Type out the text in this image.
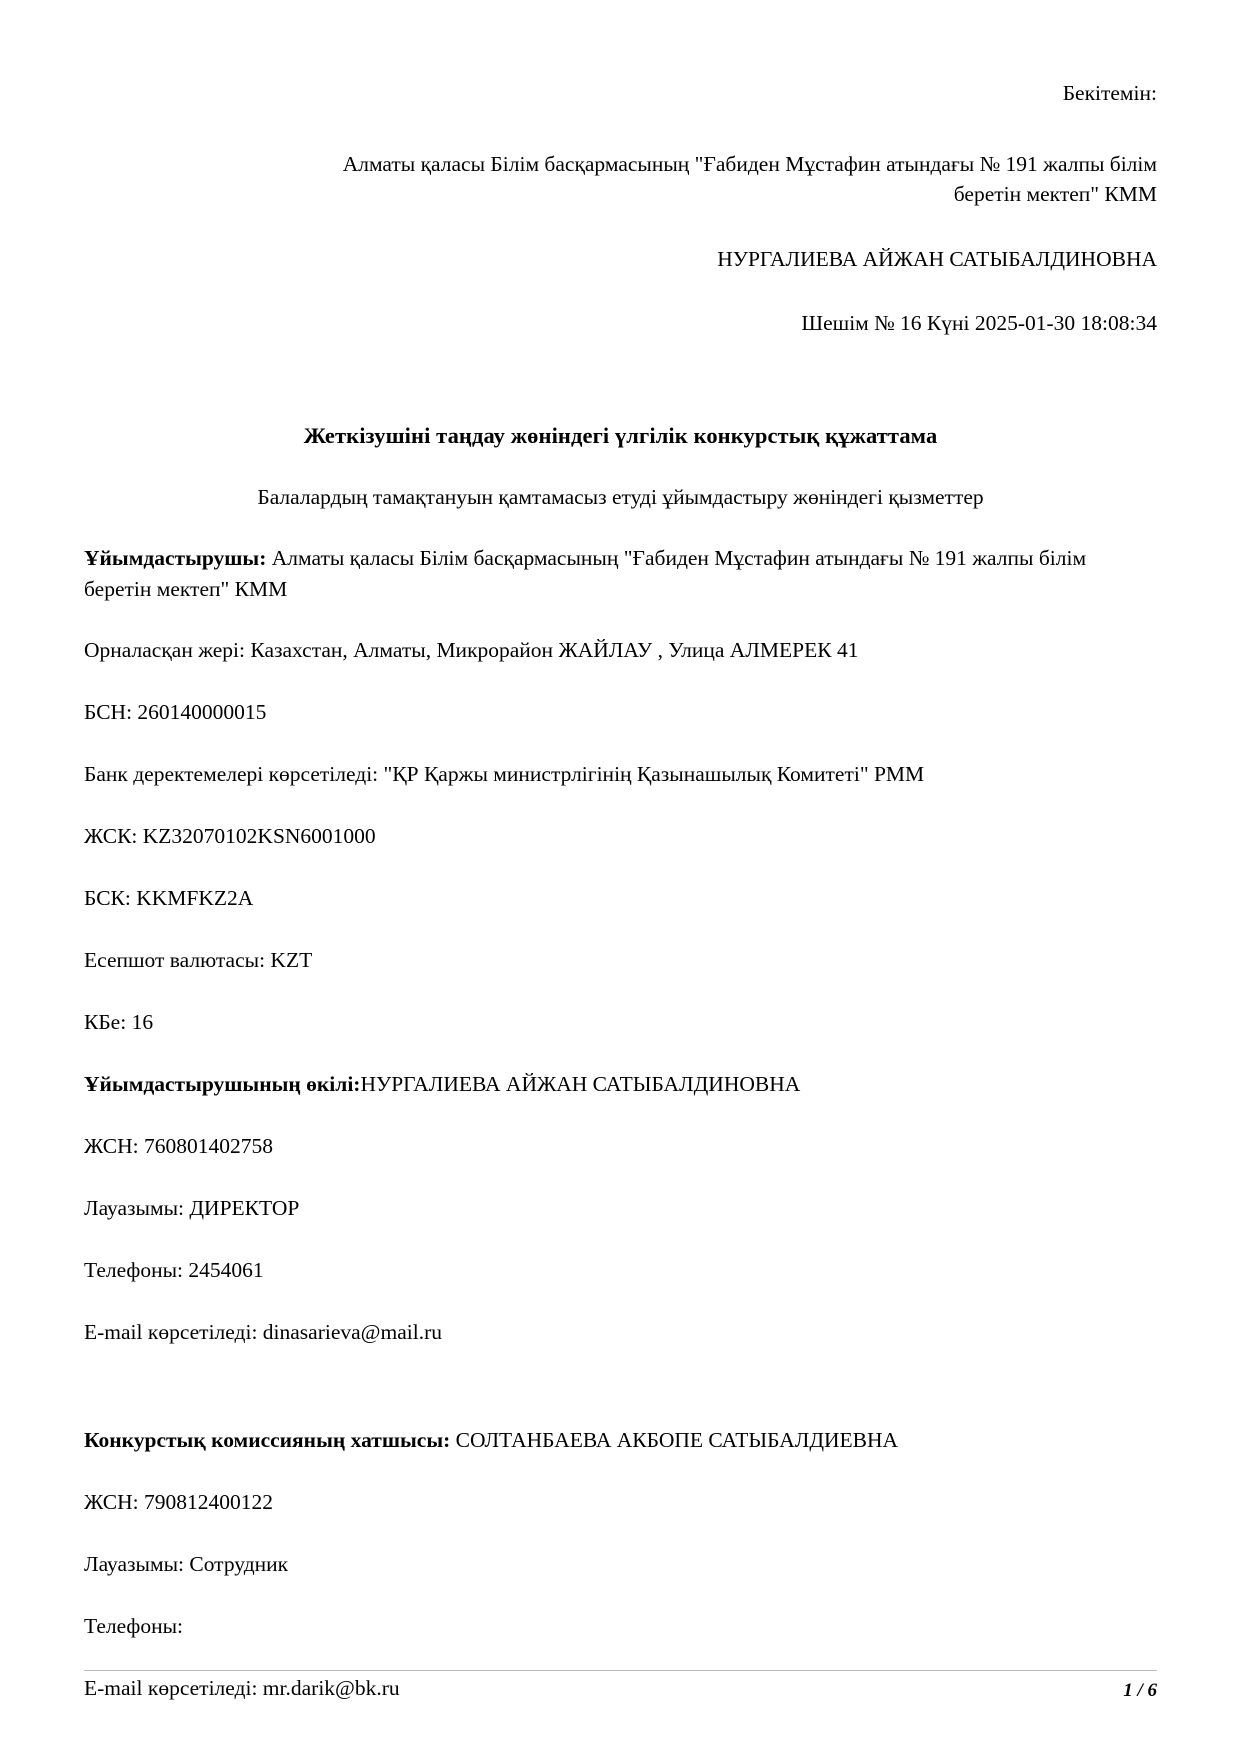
Бекітемін:
Алматы қаласы Білім басқармасының "Ғабиден Мұстафин атындағы № 191 жалпы білім беретін мектеп" КММ
НУРГАЛИЕВА АЙЖАН САТЫБАЛДИНОВНА
Шешім № 16 Күні 2025-01-30 18:08:34
Жеткізушіні таңдау жөніндегі үлгілік конкурстық құжаттама
Балалардың тамақтануын қамтамасыз етуді ұйымдастыру жөніндегі қызметтер

Ұйымдастырушы: Алматы қаласы Білім басқармасының "Ғабиден Мұстафин атындағы № 191 жалпы білім беретін мектеп" КММ

Орналасқан жері: Казахстан, Алматы, Микрорайон ЖАЙЛАУ , Улица АЛМЕРЕК 41

БСН: 260140000015

Банк деректемелері көрсетіледі: "ҚР Қаржы министрлігінің Қазынашылық Комитеті" РММ

ЖСК: KZ32070102KSN6001000

БСК: KKMFKZ2A

Есепшот валютасы: KZT

КБе: 16

Ұйымдастырушының өкілі:НУРГАЛИЕВА АЙЖАН САТЫБАЛДИНОВНА

ЖСН: 760801402758

Лауазымы: ДИРЕКТОР

Телефоны: 2454061

E-mail көрсетіледі: dinasarieva@mail.ru

Конкурстық комиссияның хатшысы: СОЛТАНБАЕВА АКБОПЕ САТЫБАЛДИЕВНА

ЖСН: 790812400122

Лауазымы: Сотрудник

Телефоны:

E-mail көрсетіледі: mr.darik@bk.ru	1 / 6
